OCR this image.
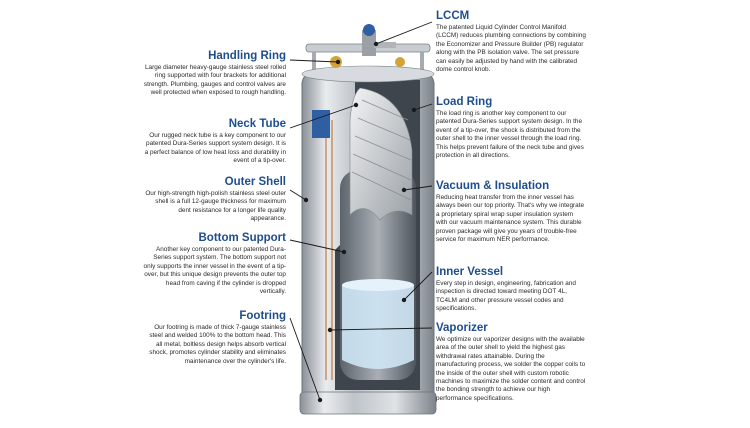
Handling Ring

Large diameter heavy-gauge stainless steel rolled ring supported with four brackets for additional strength. Plumbing, gauges and control valves are well protected when exposed to rough handling.

Neck Tube

Our rugged neck tube is a key component to our patented Dura-Series support system design. It is a perfect balance of low heat loss and durability in event of a tip-over.

Outer Shell

Our high-strength high-polish stainless steel outer shell is a full 12-gauge thickness for maximum dent resistance for a longer life quality appearance.

Bottom Support

Another key component to our patented Dura-Series support system. The bottom support not only supports the inner vessel in the event of a tip-over, but this unique design prevents the outer top head from caving if the cylinder is dropped vertically.

Footring

Our footring is made of thick 7-gauge stainless steel and welded 100% to the bottom head. This all metal, boltless design helps absorb vertical shock, promotes cylinder stability and eliminates maintenance over the cylinder's life.

LCCM

The patented Liquid Cylinder Control Manifold (LCCM) reduces plumbing connections by combining the Economizer and Pressure Builder (PB) regulator along with the PB isolation valve. The set pressure can easily be adjusted by hand with the calibrated dome control knob.

Load Ring

The load ring is another key component to our patented Dura-Series support system design. In the event of a tip-over, the shock is distributed from the outer shell to the inner vessel through the load ring. This helps prevent failure of the neck tube and gives protection in all directions.

Vacuum & Insulation

Reducing heat transfer from the inner vessel has always been our top priority. That's why we integrate a proprietary spiral wrap super insulation system with our vacuum maintenance system. This durable proven package will give you years of trouble-free service for maximum NER performance.

Inner Vessel

Every step in design, engineering, fabrication and inspection is directed toward meeting DOT 4L, TC4LM and other pressure vessel codes and specifications.

Vaporizer

We optimize our vaporizer designs with the available area of the outer shell to yield the highest gas withdrawal rates attainable. During the manufacturing process, we solder the copper coils to the inside of the outer shell with custom robotic machines to maximize the solder content and control the bonding strength to achieve our high performance specifications.
